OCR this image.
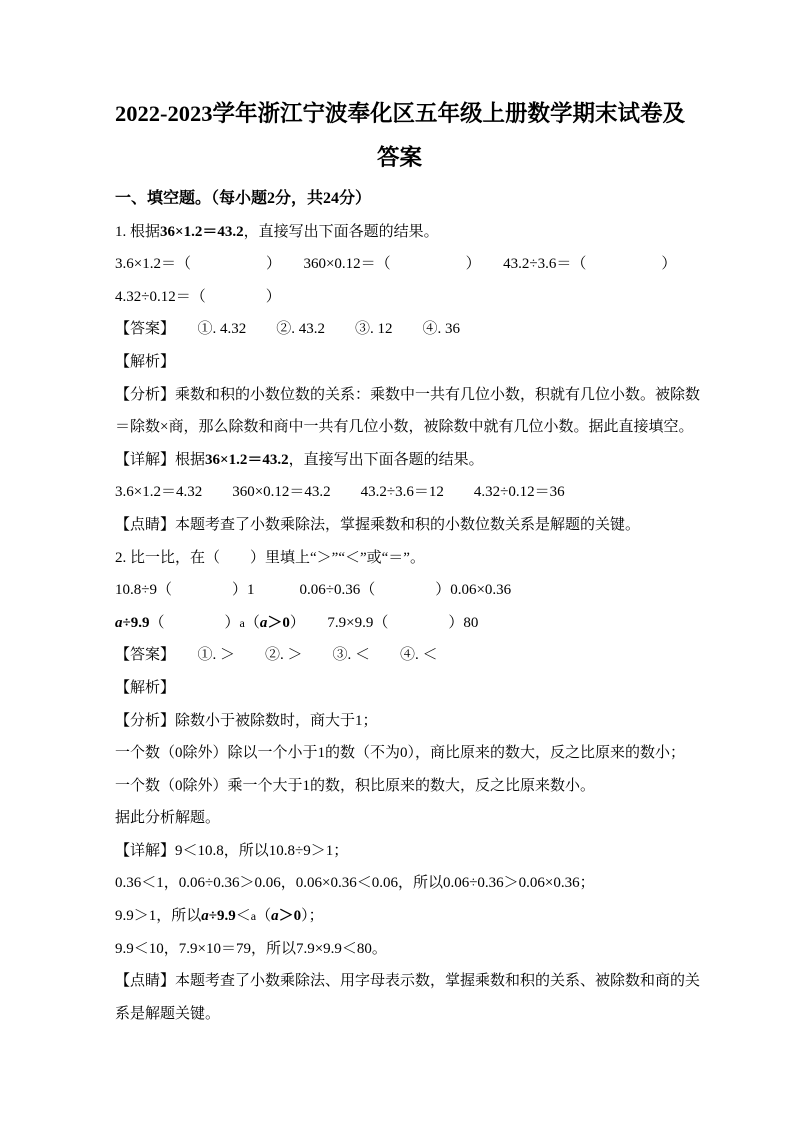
2022-2023学年浙江宁波奉化区五年级上册数学期末试卷及
答案

一、填空题。（每小题2分，共24分）

1. 根据36×1.2＝43.2，直接写出下面各题的结果。

3.6×1.2＝（　　　　　）　　360×0.12＝（　　　　　）　　43.2÷3.6＝（　　　　　）

4.32÷0.12＝（　　　　）

【答案】　　①. 4.32　　②. 43.2　　③. 12　　④. 36

【解析】

【分析】乘数和积的小数位数的关系：乘数中一共有几位小数，积就有几位小数。被除数

＝除数×商，那么除数和商中一共有几位小数，被除数中就有几位小数。据此直接填空。

【详解】根据36×1.2＝43.2，直接写出下面各题的结果。

3.6×1.2＝4.32　　360×0.12＝43.2　　43.2÷3.6＝12　　4.32÷0.12＝36

【点睛】本题考查了小数乘除法，掌握乘数和积的小数位数关系是解题的关键。

2. 比一比，在（　　）里填上“＞”“＜”或“＝”。

10.8÷9（　　　　）1　　　0.06÷0.36（　　　　）0.06×0.36

a÷9.9（　　　　）a（a＞0）　　7.9×9.9（　　　　）80

【答案】　　①. ＞　　②. ＞　　③. ＜　　④. ＜

【解析】

【分析】除数小于被除数时，商大于1；

一个数（0除外）除以一个小于1的数（不为0），商比原来的数大，反之比原来的数小；

一个数（0除外）乘一个大于1的数，积比原来的数大，反之比原来数小。

据此分析解题。

【详解】9＜10.8，所以10.8÷9＞1；

0.36＜1，0.06÷0.36＞0.06，0.06×0.36＜0.06，所以0.06÷0.36＞0.06×0.36；

9.9＞1，所以a÷9.9＜a（a＞0）；

9.9＜10，7.9×10＝79，所以7.9×9.9＜80。

【点睛】本题考查了小数乘除法、用字母表示数，掌握乘数和积的关系、被除数和商的关

系是解题关键。
